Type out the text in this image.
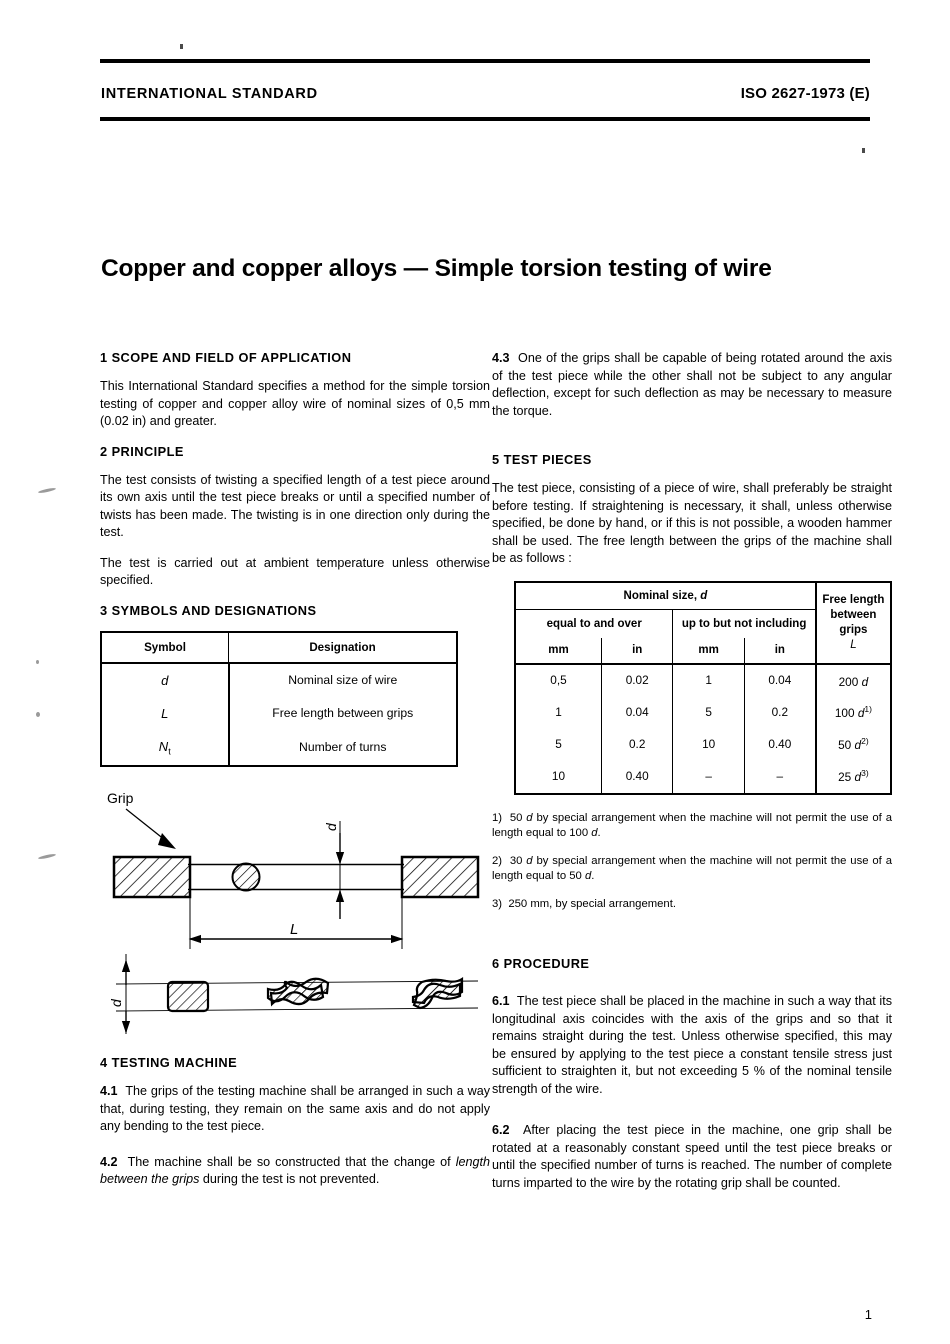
INTERNATIONAL STANDARD	ISO 2627-1973 (E)
Copper and copper alloys — Simple torsion testing of wire
1 SCOPE AND FIELD OF APPLICATION

This International Standard specifies a method for the simple torsion testing of copper and copper alloy wire of nominal sizes of 0,5 mm (0.02 in) and greater.

2 PRINCIPLE

The test consists of twisting a specified length of a test piece around its own axis until the test piece breaks or until a specified number of twists has been made. The twisting is in one direction only during the test.

The test is carried out at ambient temperature unless otherwise specified.

3 SYMBOLS AND DESIGNATIONS
Symbol	Designation
d	Nominal size of wire
L	Free length between grips
$N_t$	Number of turns
Grip
d
L
d
4 TESTING MACHINE

4.1 The grips of the testing machine shall be arranged in such a way that, during testing, they remain on the same axis and do not apply any bending to the test piece.

4.2 The machine shall be so constructed that the change of length between the grips during the test is not prevented.

4.3 One of the grips shall be capable of being rotated around the axis of the test piece while the other shall not be subject to any angular deflection, except for such deflection as may be necessary to measure the torque.

5 TEST PIECES

The test piece, consisting of a piece of wire, shall preferably be straight before testing. If straightening is necessary, it shall, unless otherwise specified, be done by hand, or if this is not possible, a wooden hammer shall be used. The free length between the grips of the machine shall be as follows :

Nominal size, d				Free length
between grips
L
equal to and over		up to but not including		
mm	in	mm	in	
0,5	0.02	1	0.04	200 d
1	0.04	5	0.2	100 $d^{1)}$
5	0.2	10	0.40	50 $d^{2)}$
10	0.40	–	–	25 $d^{3)}$

1) 50 d by special arrangement when the machine will not permit the use of a length equal to 100 d.

2) 30 d by special arrangement when the machine will not permit the use of a length equal to 50 d.

3) 250 mm, by special arrangement.

6 PROCEDURE

6.1 The test piece shall be placed in the machine in such a way that its longitudinal axis coincides with the axis of the grips and so that it remains straight during the test. Unless otherwise specified, this may be ensured by applying to the test piece a constant tensile stress just sufficient to straighten it, but not exceeding 5 % of the nominal tensile strength of the wire.

6.2 After placing the test piece in the machine, one grip shall be rotated at a reasonably constant speed until the test piece breaks or until the specified number of turns is reached. The number of complete turns imparted to the wire by the rotating grip shall be counted.

1
